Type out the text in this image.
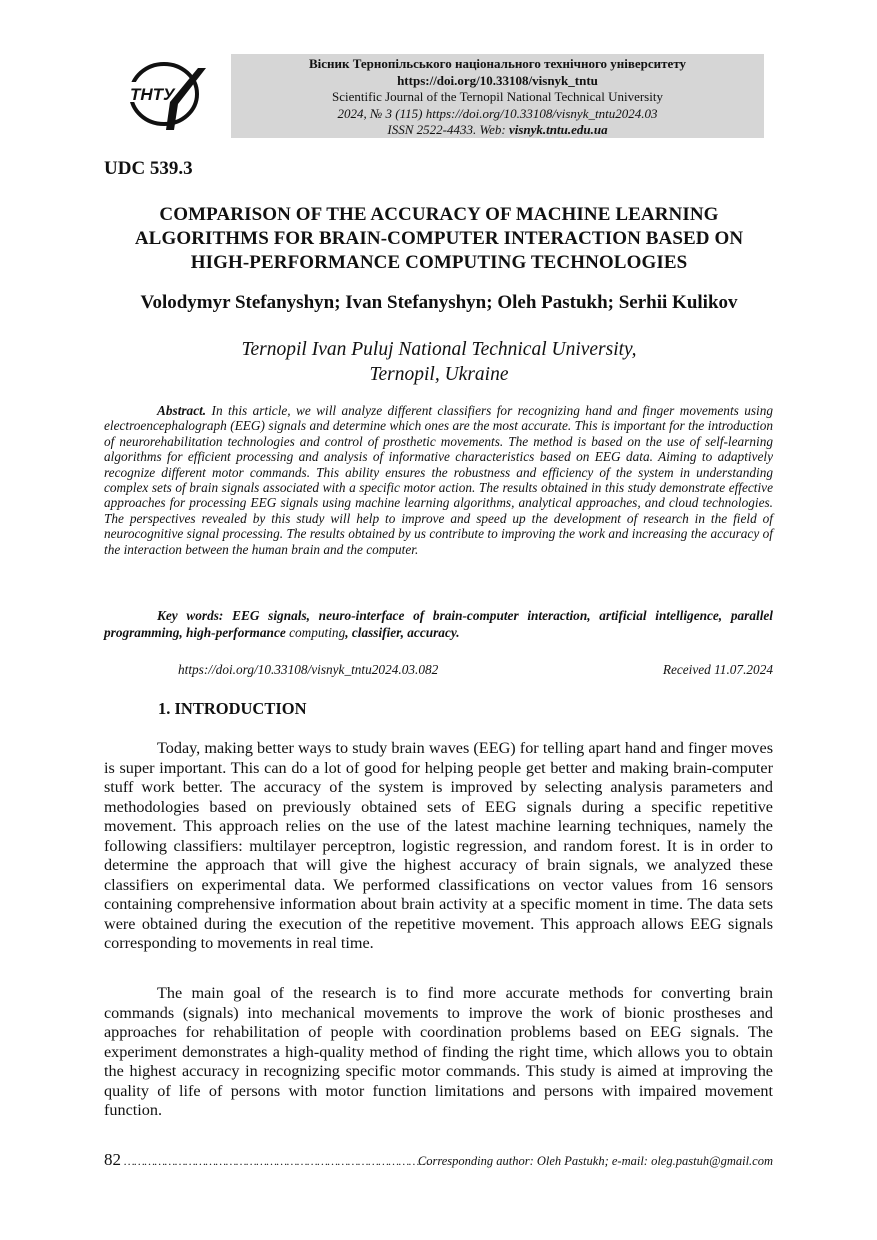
ТНТУ
Вісник Тернопільського національного технічного університету
https://doi.org/10.33108/visnyk_tntu
Scientific Journal of the Ternopil National Technical University
2024, № 3 (115) https://doi.org/10.33108/visnyk_tntu2024.03
ISSN 2522-4433. Web: visnyk.tntu.edu.ua
UDC 539.3
COMPARISON OF THE ACCURACY OF MACHINE LEARNING ALGORITHMS FOR BRAIN-COMPUTER INTERACTION BASED ON HIGH-PERFORMANCE COMPUTING TECHNOLOGIES
Volodymyr Stefanyshyn; Ivan Stefanyshyn; Oleh Pastukh; Serhii Kulikov
Ternopil Ivan Puluj National Technical University,
Ternopil, Ukraine

Abstract. In this article, we will analyze different classifiers for recognizing hand and finger movements using electroencephalograph (EEG) signals and determine which ones are the most accurate. This is important for the introduction of neurorehabilitation technologies and control of prosthetic movements. The method is based on the use of self-learning algorithms for efficient processing and analysis of informative characteristics based on EEG data. Aiming to adaptively recognize different motor commands. This ability ensures the robustness and efficiency of the system in understanding complex sets of brain signals associated with a specific motor action. The results obtained in this study demonstrate effective approaches for processing EEG signals using machine learning algorithms, analytical approaches, and cloud technologies. The perspectives revealed by this study will help to improve and speed up the development of research in the field of neurocognitive signal processing. The results obtained by us contribute to improving the work and increasing the accuracy of the interaction between the human brain and the computer.

Key words: EEG signals, neuro-interface of brain-computer interaction, artificial intelligence, parallel programming, high-performance computing, classifier, accuracy.

https://doi.org/10.33108/visnyk_tntu2024.03.082	Received 11.07.2024
1. INTRODUCTION

Today, making better ways to study brain waves (EEG) for telling apart hand and finger moves is super important. This can do a lot of good for helping people get better and making brain-computer stuff work better. The accuracy of the system is improved by selecting analysis parameters and methodologies based on previously obtained sets of EEG signals during a specific repetitive movement. This approach relies on the use of the latest machine learning techniques, namely the following classifiers: multilayer perceptron, logistic regression, and random forest. It is in order to determine the approach that will give the highest accuracy of brain signals, we analyzed these classifiers on experimental data. We performed classifications on vector values from 16 sensors containing comprehensive information about brain activity at a specific moment in time. The data sets were obtained during the execution of the repetitive movement. This approach allows EEG signals corresponding to movements in real time.

The main goal of the research is to find more accurate methods for converting brain commands (signals) into mechanical movements to improve the work of bionic prostheses and approaches for rehabilitation of people with coordination problems based on EEG signals. The experiment demonstrates a high-quality method of finding the right time, which allows you to obtain the highest accuracy in recognizing specific motor commands. This study is aimed at improving the quality of life of persons with motor function limitations and persons with impaired movement function.

82 ………………………………………………………………………………
Corresponding author: Oleh Pastukh; e-mail: oleg.pastuh@gmail.com
